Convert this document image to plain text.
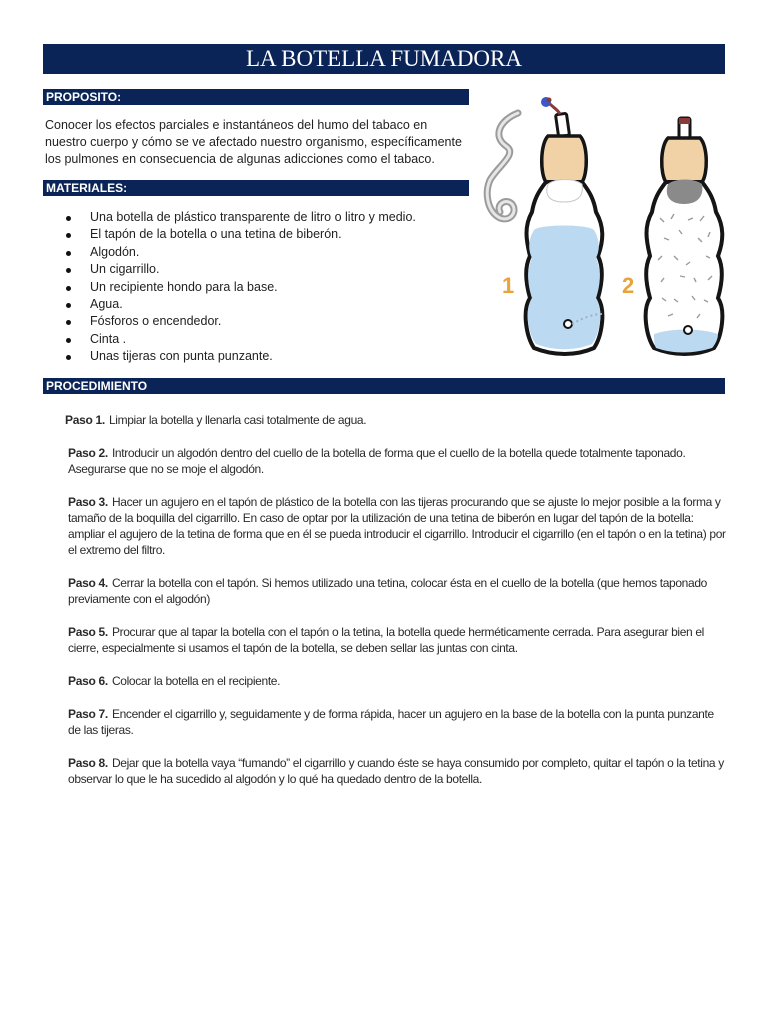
LA BOTELLA FUMADORA
PROPOSITO:

Conocer los efectos parciales e instantáneos del humo del tabaco en nuestro cuerpo y cómo se ve afectado nuestro organismo, específicamente los pulmones en consecuencia de algunas adicciones como el tabaco.

MATERIALES:
Una botella de plástico transparente de litro o litro y medio.
El tapón de la botella o una tetina de biberón.
Algodón.
Un cigarrillo.
Un recipiente hondo para la base.
Agua.
Fósforos o encendedor.
Cinta .
Unas tijeras con punta punzante.
1	2
PROCEDIMIENTO

Paso 1. Limpiar la botella y llenarla casi totalmente de agua.

Paso 2. Introducir un algodón dentro del cuello de la botella de forma que el cuello de la botella quede totalmente taponado. Asegurarse que no se moje el algodón.

Paso 3. Hacer un agujero en el tapón de plástico de la botella con las tijeras procurando que se ajuste lo mejor posible a la forma y tamaño de la boquilla del cigarrillo. En caso de optar por la utilización de una tetina de biberón en lugar del tapón de la botella: ampliar el agujero de la tetina de forma que en él se pueda introducir el cigarrillo. Introducir el cigarrillo (en el tapón o en la tetina) por el extremo del filtro.

Paso 4. Cerrar la botella con el tapón. Si hemos utilizado una tetina, colocar ésta en el cuello de la botella (que hemos taponado previamente con el algodón)

Paso 5. Procurar que al tapar la botella con el tapón o la tetina, la botella quede herméticamente cerrada. Para asegurar bien el cierre, especialmente si usamos el tapón de la botella, se deben sellar las juntas con cinta.

Paso 6. Colocar la botella en el recipiente.

Paso 7. Encender el cigarrillo y, seguidamente y de forma rápida, hacer un agujero en la base de la botella con la punta punzante de las tijeras.

Paso 8. Dejar que la botella vaya “fumando” el cigarrillo y cuando éste se haya consumido por completo, quitar el tapón o la tetina y observar lo que le ha sucedido al algodón y lo qué ha quedado dentro de la botella.
